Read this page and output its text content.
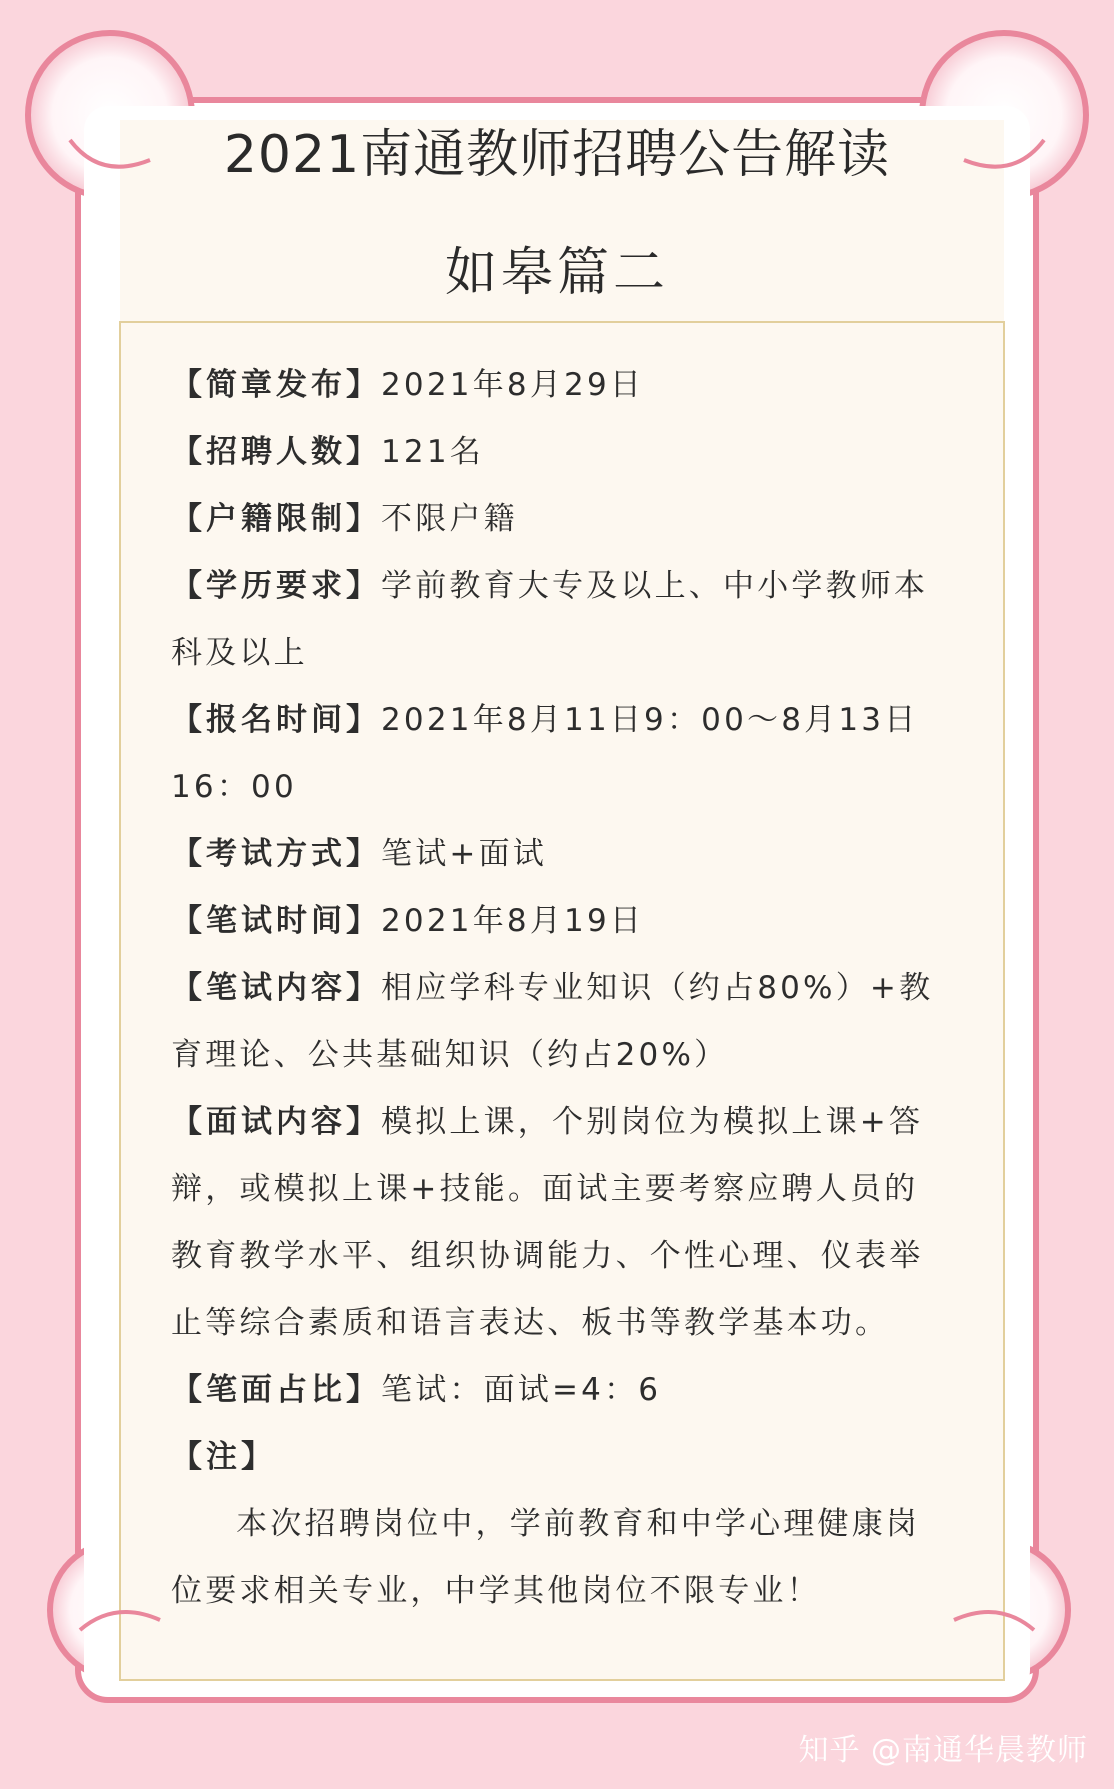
2021南通教师招聘公告解读
如皋篇二

【简章发布】2021年8月29日

【招聘人数】121名

【户籍限制】不限户籍

【学历要求】学前教育大专及以上、中小学教师本科及以上

【报名时间】2021年8月11日9：00～8月13日16：00

【考试方式】笔试+面试

【笔试时间】2021年8月19日

【笔试内容】相应学科专业知识（约占80%）+教育理论、公共基础知识（约占20%）

【面试内容】模拟上课，个别岗位为模拟上课+答辩，或模拟上课+技能。面试主要考察应聘人员的教育教学水平、组织协调能力、个性心理、仪表举止等综合素质和语言表达、板书等教学基本功。

【笔面占比】笔试：面试=4：6

【注】

本次招聘岗位中，学前教育和中学心理健康岗位要求相关专业，中学其他岗位不限专业！

知乎 @南通华晨教师
